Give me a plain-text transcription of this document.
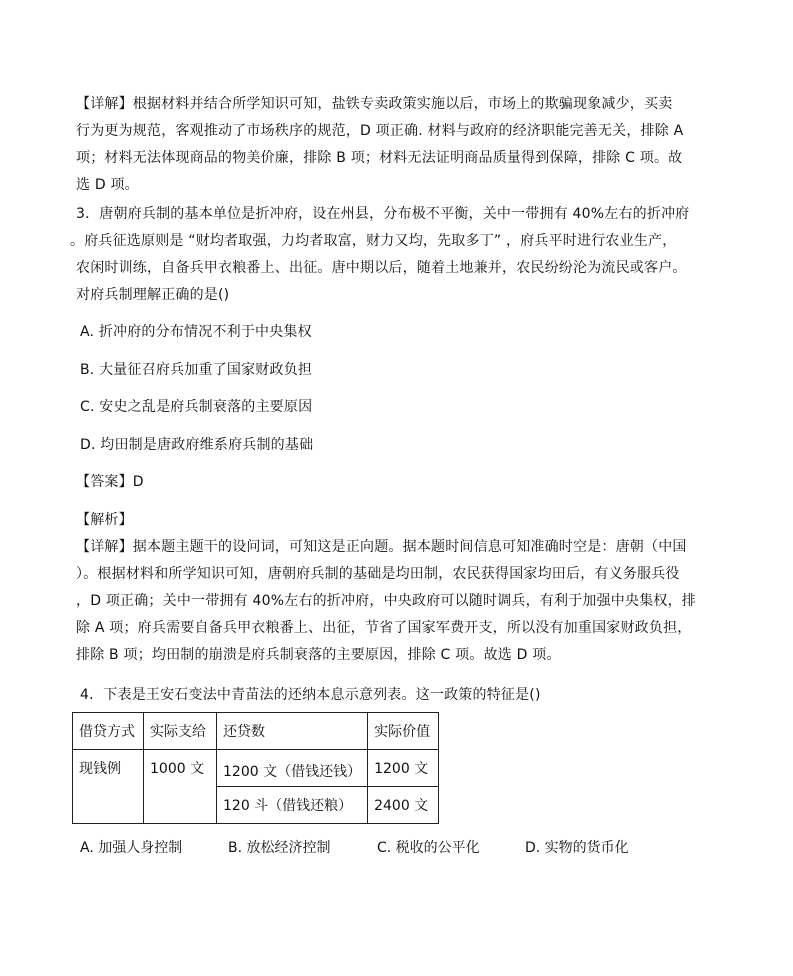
【详解】根据材料并结合所学知识可知，盐铁专卖政策实施以后，市场上的欺骗现象减少，买卖
行为更为规范，客观推动了市场秩序的规范，D 项正确. 材料与政府的经济职能完善无关，排除 A
项；材料无法体现商品的物美价廉，排除 B 项；材料无法证明商品质量得到保障，排除 C 项。故
选 D 项。
3．唐朝府兵制的基本单位是折冲府，设在州县，分布极不平衡，关中一带拥有 40%左右的折冲府
。府兵征选原则是 “财均者取强，力均者取富，财力又均，先取多丁” ，府兵平时进行农业生产，
农闲时训练，自备兵甲衣粮番上、出征。唐中期以后，随着土地兼并，农民纷纷沦为流民或客户。
对府兵制理解正确的是()
A. 折冲府的分布情况不利于中央集权
B. 大量征召府兵加重了国家财政负担
C. 安史之乱是府兵制衰落的主要原因
D. 均田制是唐政府维系府兵制的基础
【答案】D
【解析】
【详解】据本题主题干的设问词，可知这是正向题。据本题时间信息可知准确时空是：唐朝（中国
）。根据材料和所学知识可知，唐朝府兵制的基础是均田制，农民获得国家均田后，有义务服兵役
，D 项正确；关中一带拥有 40%左右的折冲府，中央政府可以随时调兵，有利于加强中央集权，排
除 A 项；府兵需要自备兵甲衣粮番上、出征，节省了国家军费开支，所以没有加重国家财政负担，
排除 B 项；均田制的崩溃是府兵制衰落的主要原因，排除 C 项。故选 D 项。
4．下表是王安石变法中青苗法的还纳本息示意列表。这一政策的特征是()
借贷方式	实际支给	还贷数	实际价值
现钱例	1000 文	1200 文（借钱还钱）	1200 文
		120 斗（借钱还粮）	2400 文
A. 加强人身控制	B. 放松经济控制	C. 税收的公平化	D. 实物的货币化
